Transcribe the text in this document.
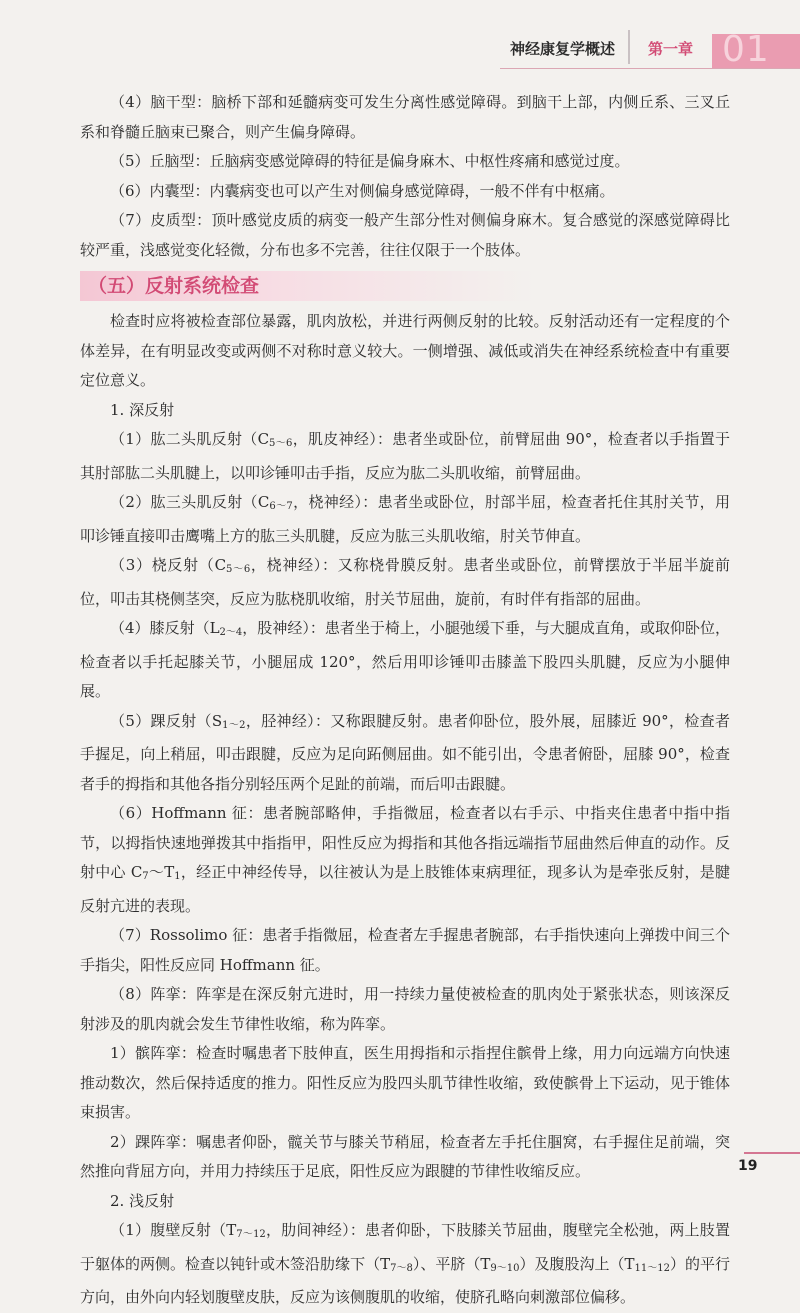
神经康复学概述 第一章 01

（4）脑干型：脑桥下部和延髓病变可发生分离性感觉障碍。到脑干上部，内侧丘系、三叉丘系和脊髓丘脑束已聚合，则产生偏身障碍。

（5）丘脑型：丘脑病变感觉障碍的特征是偏身麻木、中枢性疼痛和感觉过度。

（6）内囊型：内囊病变也可以产生对侧偏身感觉障碍，一般不伴有中枢痛。

（7）皮质型：顶叶感觉皮质的病变一般产生部分性对侧偏身麻木。复合感觉的深感觉障碍比较严重，浅感觉变化轻微，分布也多不完善，往往仅限于一个肢体。

（五）反射系统检查

检查时应将被检查部位暴露，肌肉放松，并进行两侧反射的比较。反射活动还有一定程度的个体差异，在有明显改变或两侧不对称时意义较大。一侧增强、减低或消失在神经系统检查中有重要定位意义。

1. 深反射

（1）肱二头肌反射（$C_{5\sim 6}$，肌皮神经）：患者坐或卧位，前臂屈曲 90°，检查者以手指置于其肘部肱二头肌腱上，以叩诊锤叩击手指，反应为肱二头肌收缩，前臂屈曲。

（2）肱三头肌反射（$C_{6\sim 7}$，桡神经）：患者坐或卧位，肘部半屈，检查者托住其肘关节，用叩诊锤直接叩击鹰嘴上方的肱三头肌腱，反应为肱三头肌收缩，肘关节伸直。

（3）桡反射（$C_{5\sim 6}$，桡神经）：又称桡骨膜反射。患者坐或卧位，前臂摆放于半屈半旋前位，叩击其桡侧茎突，反应为肱桡肌收缩，肘关节屈曲，旋前，有时伴有指部的屈曲。

（4）膝反射（$L_{2\sim 4}$，股神经）：患者坐于椅上，小腿弛缓下垂，与大腿成直角，或取仰卧位，检查者以手托起膝关节，小腿屈成 120°，然后用叩诊锤叩击膝盖下股四头肌腱，反应为小腿伸展。

（5）踝反射（$S_{1\sim 2}$，胫神经）：又称跟腱反射。患者仰卧位，股外展，屈膝近 90°，检查者手握足，向上稍屈，叩击跟腱，反应为足向跖侧屈曲。如不能引出，令患者俯卧，屈膝 90°，检查者手的拇指和其他各指分别轻压两个足趾的前端，而后叩击跟腱。

（6）Hoffmann 征：患者腕部略伸，手指微屈，检查者以右手示、中指夹住患者中指中指节，以拇指快速地弹拨其中指指甲，阳性反应为拇指和其他各指远端指节屈曲然后伸直的动作。反射中心 $C_7\sim T_1$，经正中神经传导，以往被认为是上肢锥体束病理征，现多认为是牵张反射，是腱反射亢进的表现。

（7）Rossolimo 征：患者手指微屈，检查者左手握患者腕部，右手指快速向上弹拨中间三个手指尖，阳性反应同 Hoffmann 征。

（8）阵挛：阵挛是在深反射亢进时，用一持续力量使被检查的肌肉处于紧张状态，则该深反射涉及的肌肉就会发生节律性收缩，称为阵挛。

1）髌阵挛：检查时嘱患者下肢伸直，医生用拇指和示指捏住髌骨上缘，用力向远端方向快速推动数次，然后保持适度的推力。阳性反应为股四头肌节律性收缩，致使髌骨上下运动，见于锥体束损害。

2）踝阵挛：嘱患者仰卧，髋关节与膝关节稍屈，检查者左手托住腘窝，右手握住足前端，突然推向背屈方向，并用力持续压于足底，阳性反应为跟腱的节律性收缩反应。

2. 浅反射

（1）腹壁反射（$T_{7\sim 12}$，肋间神经）：患者仰卧，下肢膝关节屈曲，腹壁完全松弛，两上肢置于躯体的两侧。检查以钝针或木签沿肋缘下$(T_{7\sim 8})$、平脐$(T_{9\sim 10})$及腹股沟上$(T_{11\sim 12})$的平行方向，由外向内轻划腹壁皮肤，反应为该侧腹肌的收缩，使脐孔略向刺激部位偏移。

19
